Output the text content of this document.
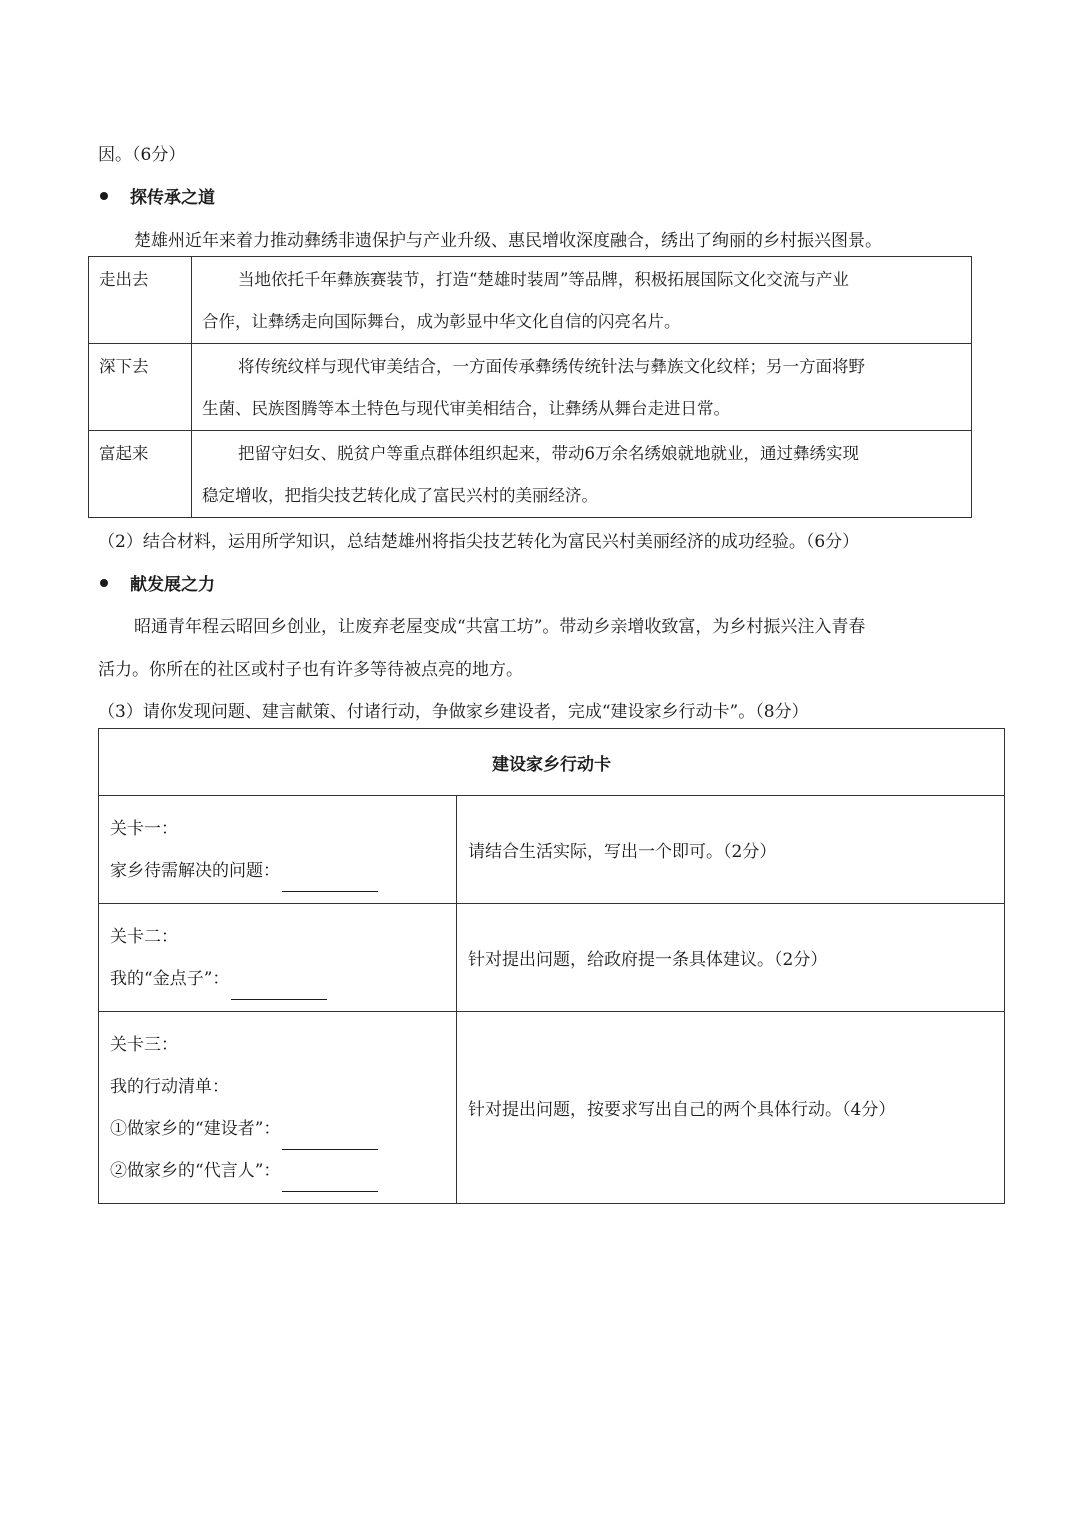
因。（6分）
探传承之道
楚雄州近年来着力推动彝绣非遗保护与产业升级、惠民增收深度融合，绣出了绚丽的乡村振兴图景。
走出去	当地依托千年彝族赛装节，打造“楚雄时装周”等品牌，积极拓展国际文化交流与产业
合作，让彝绣走向国际舞台，成为彰显中华文化自信的闪亮名片。
深下去	将传统纹样与现代审美结合，一方面传承彝绣传统针法与彝族文化纹样；另一方面将野
生菌、民族图腾等本土特色与现代审美相结合，让彝绣从舞台走进日常。
富起来	把留守妇女、脱贫户等重点群体组织起来，带动6万余名绣娘就地就业，通过彝绣实现
稳定增收，把指尖技艺转化成了富民兴村的美丽经济。
（2）结合材料，运用所学知识，总结楚雄州将指尖技艺转化为富民兴村美丽经济的成功经验。（6分）
献发展之力
昭通青年程云昭回乡创业，让废弃老屋变成“共富工坊”。带动乡亲增收致富，为乡村振兴注入青春
活力。你所在的社区或村子也有许多等待被点亮的地方。
（3）请你发现问题、建言献策、付诸行动，争做家乡建设者，完成“建设家乡行动卡”。（8分）
建设家乡行动卡	

关卡一：
家乡待需解决的问题：	请结合生活实际，写出一个即可。（2分）

关卡二：
我的“金点子”：	针对提出问题，给政府提一条具体建议。（2分）

关卡三：
我的行动清单：
①做家乡的“建设者”：
②做家乡的“代言人”：	针对提出问题，按要求写出自己的两个具体行动。（4分）
